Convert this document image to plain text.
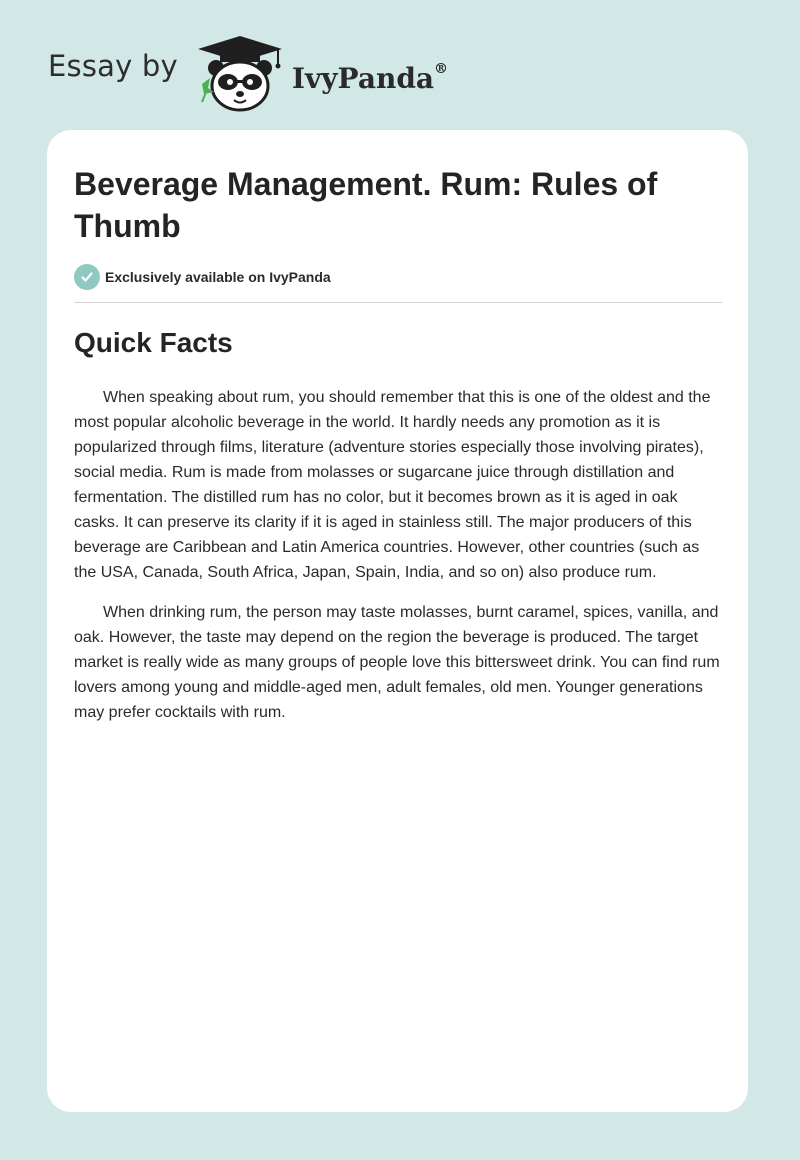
Essay by	IvyPanda®
Beverage Management. Rum: Rules of Thumb
Exclusively available on IvyPanda
Quick Facts

When speaking about rum, you should remember that this is one of the oldest and the most popular alcoholic beverage in the world. It hardly needs any promotion as it is popularized through films, literature (adventure stories especially those involving pirates), social media. Rum is made from molasses or sugarcane juice through distillation and fermentation. The distilled rum has no color, but it becomes brown as it is aged in oak casks. It can preserve its clarity if it is aged in stainless still. The major producers of this beverage are Caribbean and Latin America countries. However, other countries (such as the USA, Canada, South Africa, Japan, Spain, India, and so on) also produce rum.

When drinking rum, the person may taste molasses, burnt caramel, spices, vanilla, and oak. However, the taste may depend on the region the beverage is produced. The target market is really wide as many groups of people love this bittersweet drink. You can find rum lovers among young and middle-aged men, adult females, old men. Younger generations may prefer cocktails with rum.
